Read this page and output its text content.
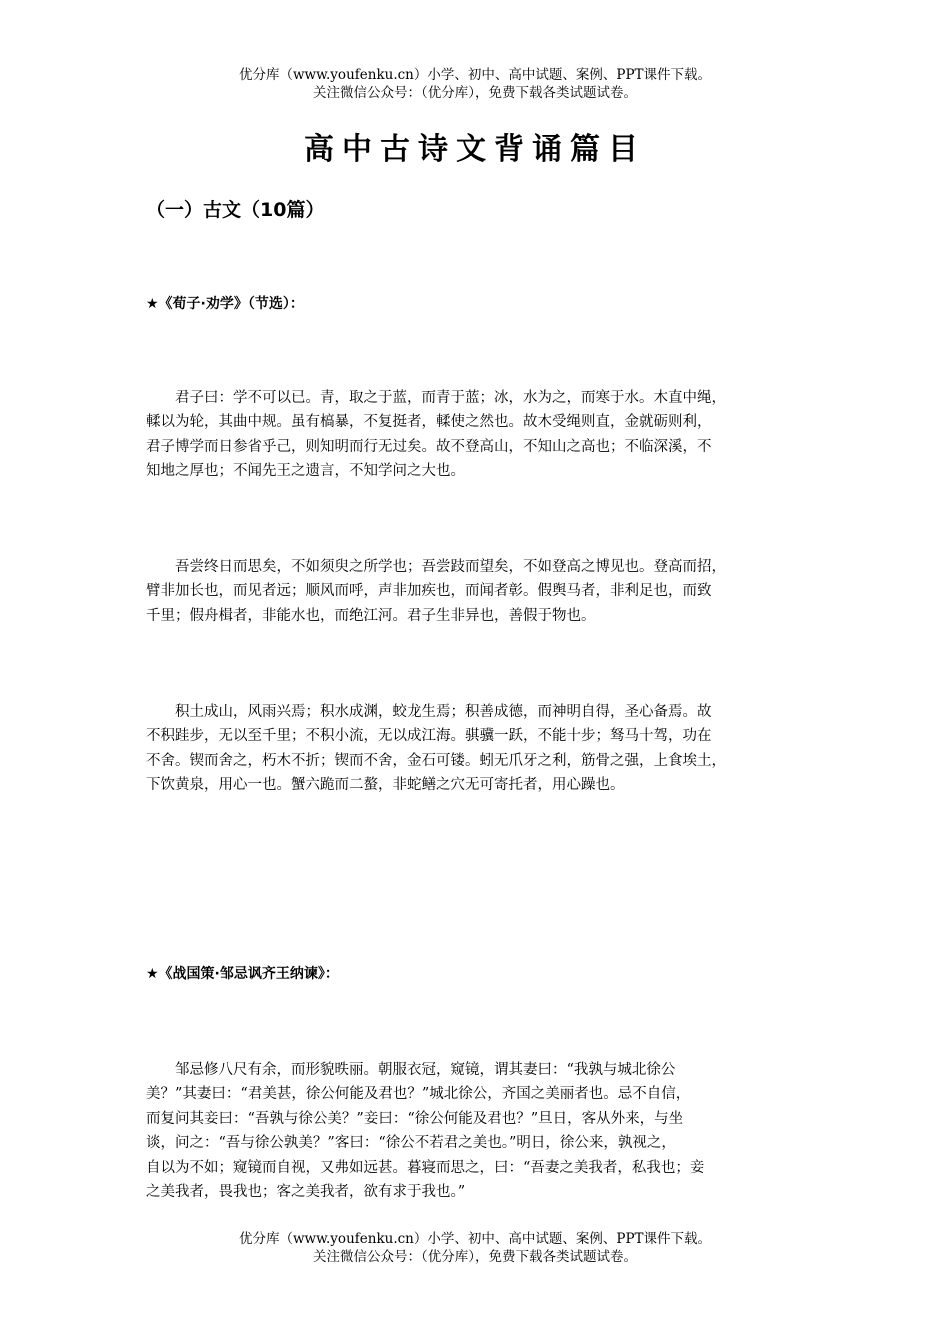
优分库（www.youfenku.cn）小学、初中、高中试题、案例、PPT课件下载。
关注微信公众号：（优分库），免费下载各类试题试卷。
高中古诗文背诵篇目
（一）古文（10篇）
★《荀子·劝学》（节选）：
君子曰：学不可以已。青，取之于蓝，而青于蓝；冰，水为之，而寒于水。木直中绳，
輮以为轮，其曲中规。虽有槁暴，不复挺者，輮使之然也。故木受绳则直，金就砺则利，
君子博学而日参省乎己，则知明而行无过矣。故不登高山，不知山之高也；不临深溪，不
知地之厚也；不闻先王之遗言，不知学问之大也。
吾尝终日而思矣，不如须臾之所学也；吾尝跂而望矣，不如登高之博见也。登高而招，
臂非加长也，而见者远；顺风而呼，声非加疾也，而闻者彰。假舆马者，非利足也，而致
千里；假舟楫者，非能水也，而绝江河。君子生非异也，善假于物也。
积土成山，风雨兴焉；积水成渊，蛟龙生焉；积善成德，而神明自得，圣心备焉。故
不积跬步，无以至千里；不积小流，无以成江海。骐骥一跃，不能十步；驽马十驾，功在
不舍。锲而舍之，朽木不折；锲而不舍，金石可镂。蚓无爪牙之利，筋骨之强，上食埃土，
下饮黄泉，用心一也。蟹六跪而二螯，非蛇鳝之穴无可寄托者，用心躁也。
★《战国策·邹忌讽齐王纳谏》：
邹忌修八尺有余，而形貌昳丽。朝服衣冠，窥镜，谓其妻曰：“我孰与城北徐公
美？”其妻曰：“君美甚，徐公何能及君也？”城北徐公，齐国之美丽者也。忌不自信，
而复问其妾曰：“吾孰与徐公美？”妾曰：“徐公何能及君也？”旦日，客从外来，与坐
谈，问之：“吾与徐公孰美？”客曰：“徐公不若君之美也。”明日，徐公来，孰视之，
自以为不如；窥镜而自视，又弗如远甚。暮寝而思之，曰：“吾妻之美我者，私我也；妾
之美我者，畏我也；客之美我者，欲有求于我也。”
优分库（www.youfenku.cn）小学、初中、高中试题、案例、PPT课件下载。
关注微信公众号：（优分库），免费下载各类试题试卷。
